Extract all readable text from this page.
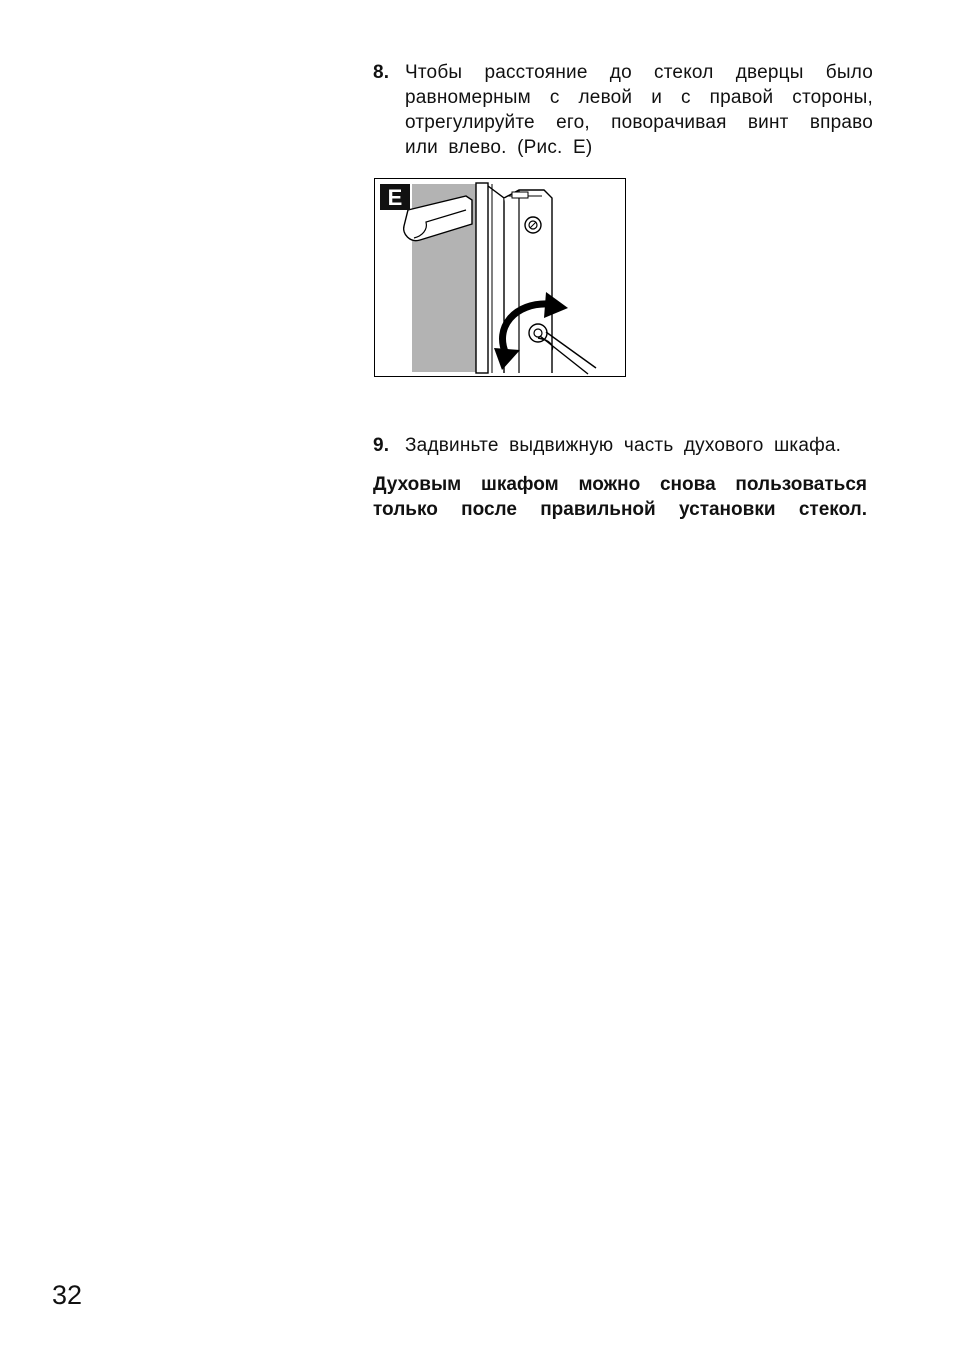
8. Чтобы расстояние до стекол дверцы было
равномерным с левой и с правой стороны,
отрегулируйте его, поворачивая винт вправо
или влево. (Рис. E)
E
9. Задвиньте выдвижную часть духового шкафа.
Духовым шкафом можно снова пользоваться
только после правильной установки стекол.
32
